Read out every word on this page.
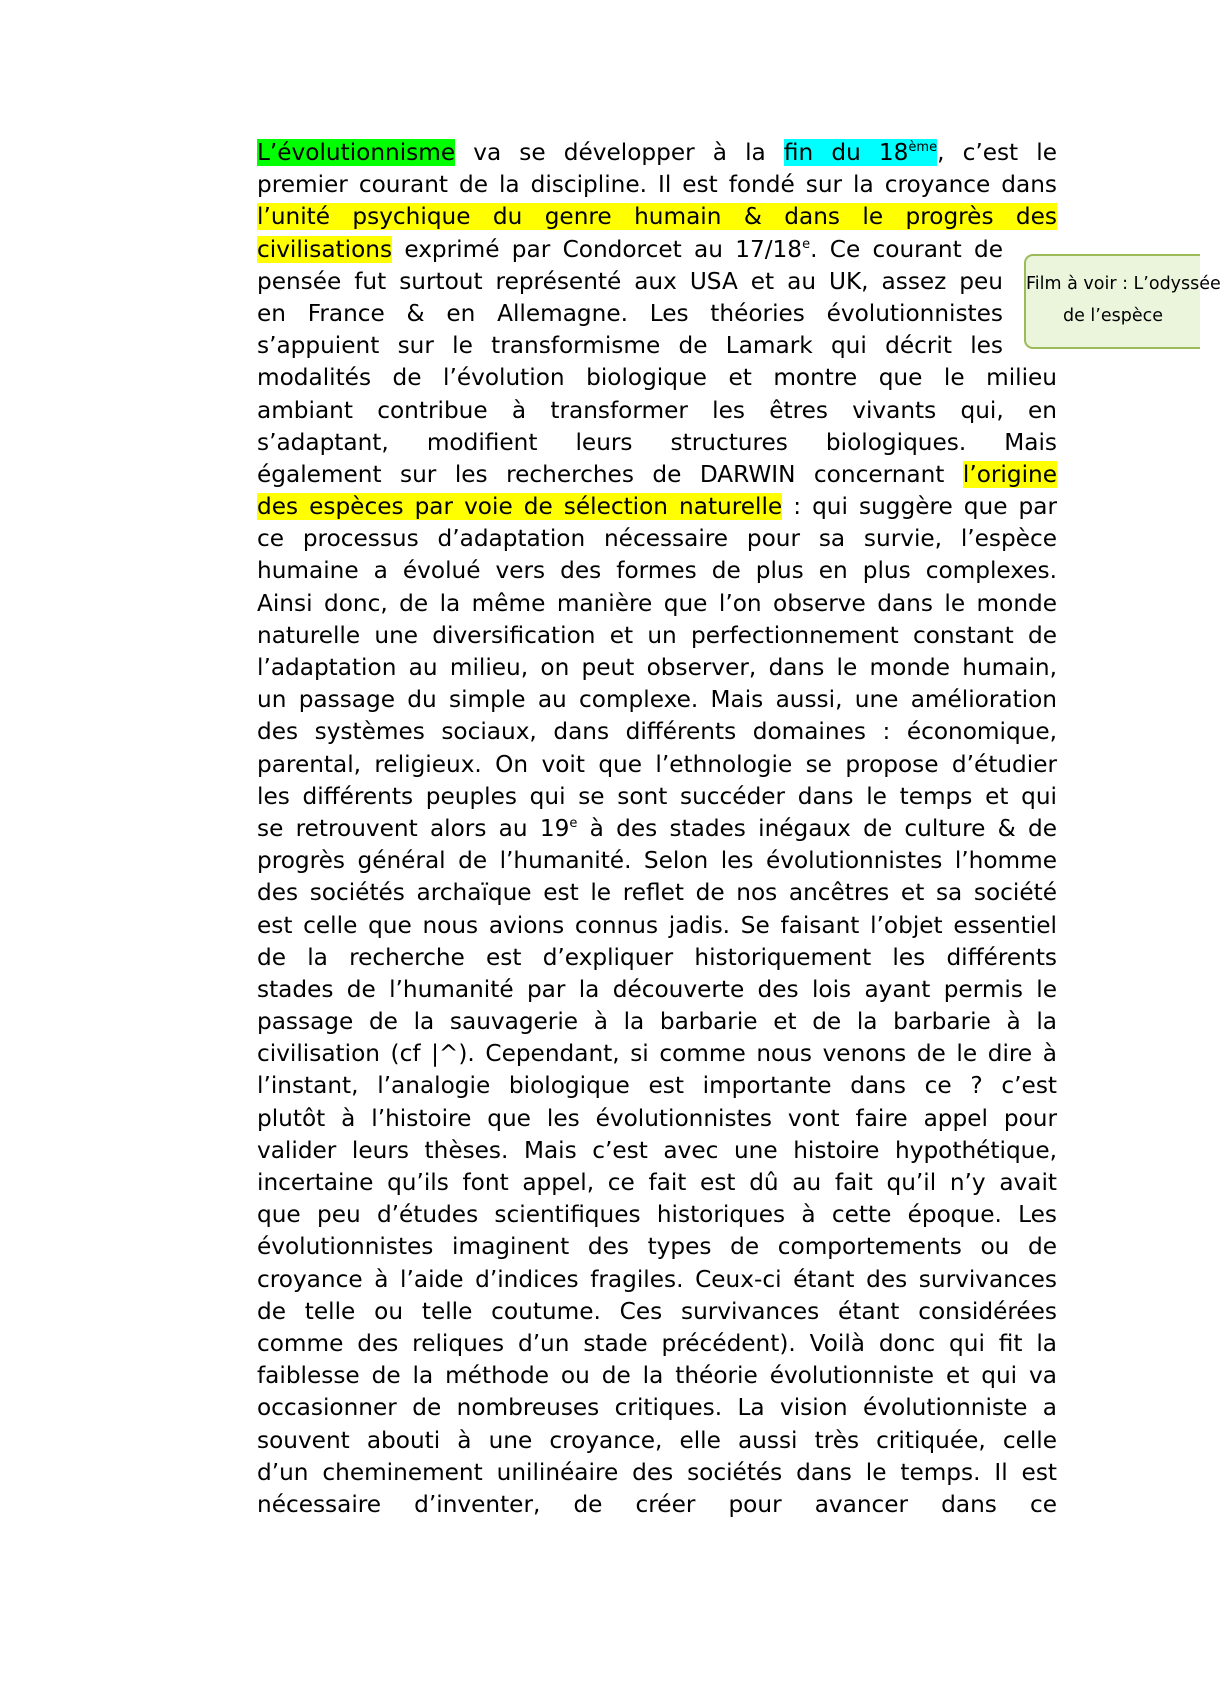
L’évolutionnisme va se développer à la fin du 18ème, c’est le
premier courant de la discipline. Il est fondé sur la croyance dans
l’unité psychique du genre humain & dans le progrès des
civilisations exprimé par Condorcet au 17/18e. Ce courant de
pensée fut surtout représenté aux USA et au UK, assez peu
en France & en Allemagne. Les théories évolutionnistes
s’appuient sur le transformisme de Lamark qui décrit les
modalités de l’évolution biologique et montre que le milieu
ambiant contribue à transformer les êtres vivants qui, en
s’adaptant, modifient leurs structures biologiques. Mais
également sur les recherches de DARWIN concernant l’origine
des espèces par voie de sélection naturelle : qui suggère que par
ce processus d’adaptation nécessaire pour sa survie, l’espèce
humaine a évolué vers des formes de plus en plus complexes.
Ainsi donc, de la même manière que l’on observe dans le monde
naturelle une diversification et un perfectionnement constant de
l’adaptation au milieu, on peut observer, dans le monde humain,
un passage du simple au complexe. Mais aussi, une amélioration
des systèmes sociaux, dans différents domaines : économique,
parental, religieux. On voit que l’ethnologie se propose d’étudier
les différents peuples qui se sont succéder dans le temps et qui
se retrouvent alors au 19e à des stades inégaux de culture & de
progrès général de l’humanité. Selon les évolutionnistes l’homme
des sociétés archaïque est le reflet de nos ancêtres et sa société
est celle que nous avions connus jadis. Se faisant l’objet essentiel
de la recherche est d’expliquer historiquement les différents
stades de l’humanité par la découverte des lois ayant permis le
passage de la sauvagerie à la barbarie et de la barbarie à la
civilisation (cf |^). Cependant, si comme nous venons de le dire à
l’instant, l’analogie biologique est importante dans ce ? c’est
plutôt à l’histoire que les évolutionnistes vont faire appel pour
valider leurs thèses. Mais c’est avec une histoire hypothétique,
incertaine qu’ils font appel, ce fait est dû au fait qu’il n’y avait
que peu d’études scientifiques historiques à cette époque. Les
évolutionnistes imaginent des types de comportements ou de
croyance à l’aide d’indices fragiles. Ceux-ci étant des survivances
de telle ou telle coutume. Ces survivances étant considérées
comme des reliques d’un stade précédent). Voilà donc qui fit la
faiblesse de la méthode ou de la théorie évolutionniste et qui va
occasionner de nombreuses critiques. La vision évolutionniste a
souvent abouti à une croyance, elle aussi très critiquée, celle
d’un cheminement unilinéaire des sociétés dans le temps. Il est
nécessaire d’inventer, de créer pour avancer dans ce
Film à voir : L’odyssée
de l’espèce
